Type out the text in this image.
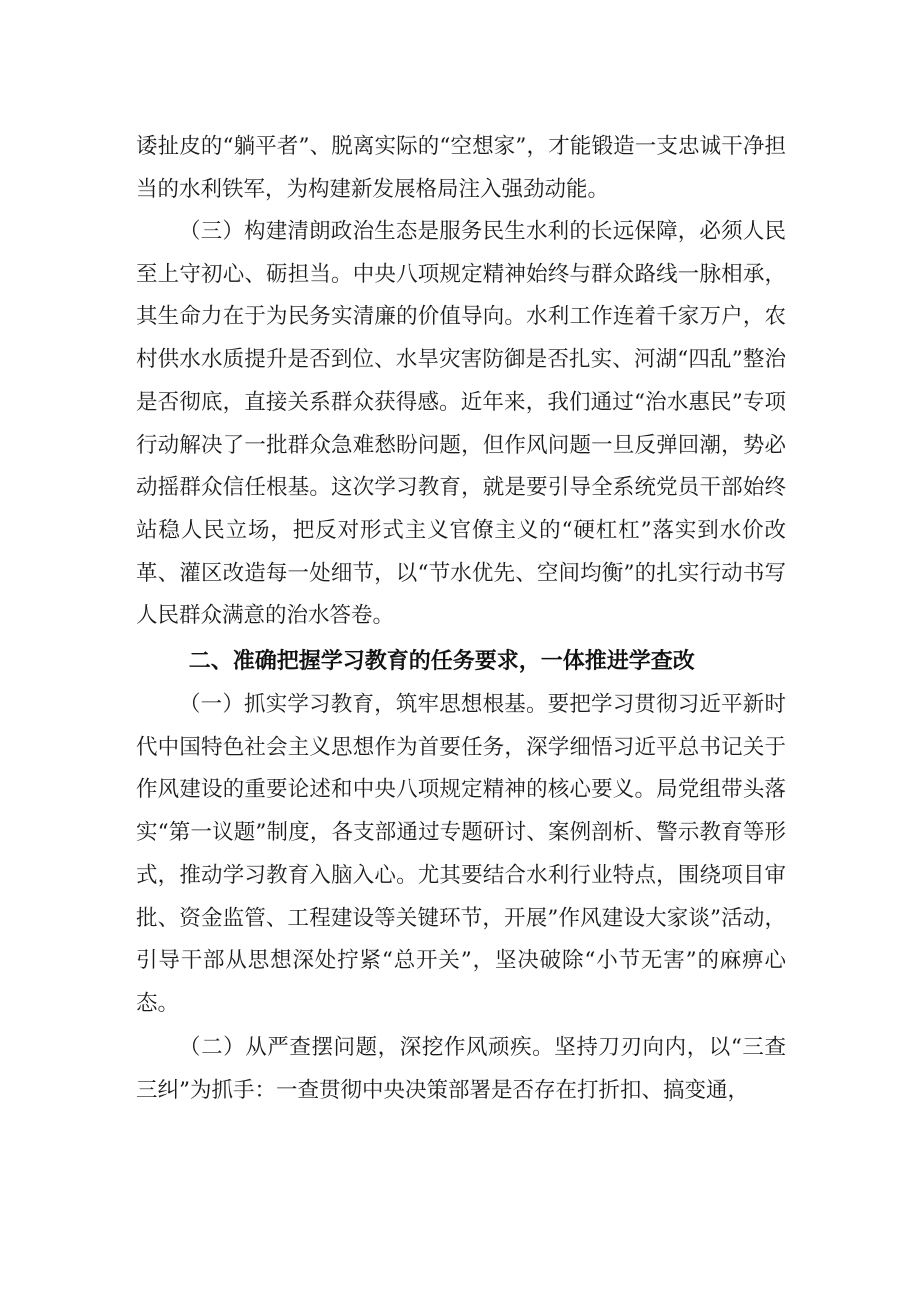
诿扯皮的“躺平者”、脱离实际的“空想家”，才能锻造一支忠诚干净担当的水利铁军，为构建新发展格局注入强劲动能。

（三）构建清朗政治生态是服务民生水利的长远保障，必须人民至上守初心、砺担当。中央八项规定精神始终与群众路线一脉相承，其生命力在于为民务实清廉的价值导向。水利工作连着千家万户，农村供水水质提升是否到位、水旱灾害防御是否扎实、河湖“四乱”整治是否彻底，直接关系群众获得感。近年来，我们通过“治水惠民”专项行动解决了一批群众急难愁盼问题，但作风问题一旦反弹回潮，势必动摇群众信任根基。这次学习教育，就是要引导全系统党员干部始终站稳人民立场，把反对形式主义官僚主义的“硬杠杠”落实到水价改革、灌区改造每一处细节，以“节水优先、空间均衡”的扎实行动书写人民群众满意的治水答卷。

二、准确把握学习教育的任务要求，一体推进学查改

（一）抓实学习教育，筑牢思想根基。要把学习贯彻习近平新时代中国特色社会主义思想作为首要任务，深学细悟习近平总书记关于作风建设的重要论述和中央八项规定精神的核心要义。局党组带头落实“第一议题”制度，各支部通过专题研讨、案例剖析、警示教育等形式，推动学习教育入脑入心。尤其要结合水利行业特点，围绕项目审批、资金监管、工程建设等关键环节，开展”作风建设大家谈”活动，引导干部从思想深处拧紧“总开关”，坚决破除“小节无害”的麻痹心态。

（二）从严查摆问题，深挖作风顽疾。坚持刀刃向内，以“三查三纠”为抓手：一查贯彻中央决策部署是否存在打折扣、搞变通，
